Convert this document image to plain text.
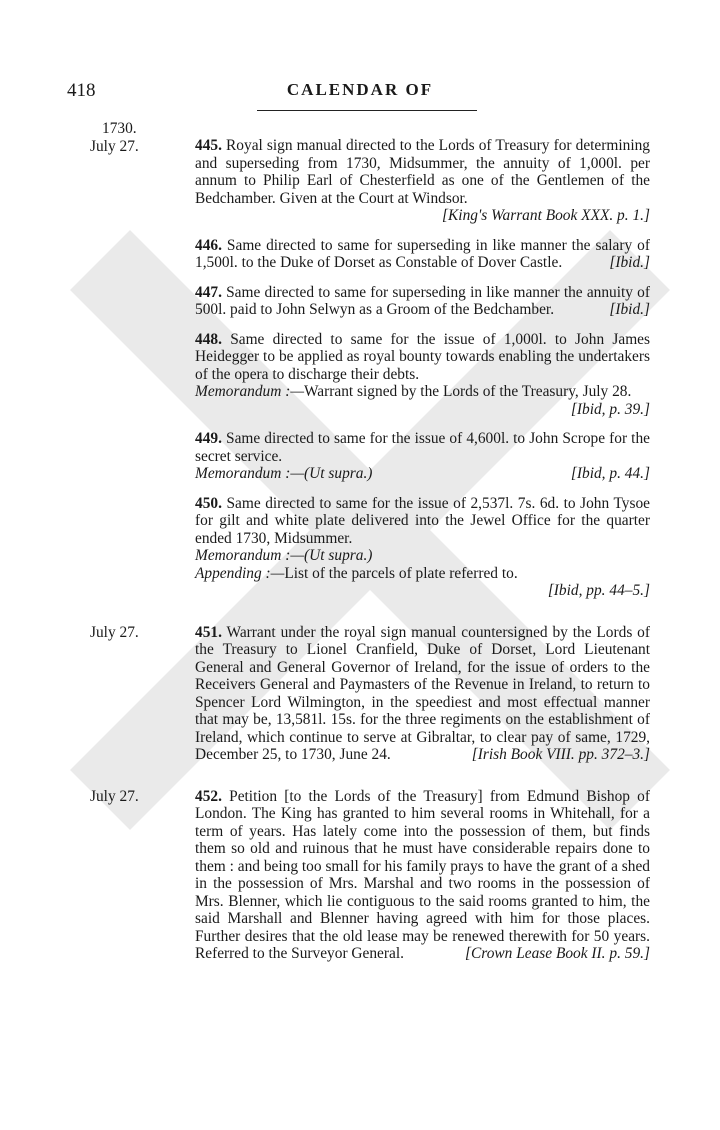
418	CALENDAR OF
1730.
July 27.	445. Royal sign manual directed to the Lords of Treasury for determining and superseding from 1730, Midsummer, the annuity of 1,000l. per annum to Philip Earl of Chesterfield as one of the Gentlemen of the Bedchamber. Given at the Court at Windsor.
[King's Warrant Book XXX. p. 1.]
446. Same directed to same for superseding in like manner the salary of 1,500l. to the Duke of Dorset as Constable of Dover Castle.	[Ibid.]
447. Same directed to same for superseding in like manner the annuity of 500l. paid to John Selwyn as a Groom of the Bedchamber.	[Ibid.]
448. Same directed to same for the issue of 1,000l. to John James Heidegger to be applied as royal bounty towards enabling the undertakers of the opera to discharge their debts.
Memorandum :—Warrant signed by the Lords of the Treasury, July 28.
[Ibid, p. 39.]
449. Same directed to same for the issue of 4,600l. to John Scrope for the secret service.
Memorandum :—(Ut supra.)	[Ibid, p. 44.]
450. Same directed to same for the issue of 2,537l. 7s. 6d. to John Tysoe for gilt and white plate delivered into the Jewel Office for the quarter ended 1730, Midsummer.
Memorandum :—(Ut supra.)
Appending :—List of the parcels of plate referred to.
[Ibid, pp. 44–5.]
July 27.	451. Warrant under the royal sign manual countersigned by the Lords of the Treasury to Lionel Cranfield, Duke of Dorset, Lord Lieutenant General and General Governor of Ireland, for the issue of orders to the Receivers General and Paymasters of the Revenue in Ireland, to return to Spencer Lord Wilmington, in the speediest and most effectual manner that may be, 13,581l. 15s. for the three regiments on the establishment of Ireland, which continue to serve at Gibraltar, to clear pay of same, 1729, December 25, to 1730, June 24.	[Irish Book VIII. pp. 372–3.]
July 27.	452. Petition [to the Lords of the Treasury] from Edmund Bishop of London. The King has granted to him several rooms in Whitehall, for a term of years. Has lately come into the possession of them, but finds them so old and ruinous that he must have considerable repairs done to them : and being too small for his family prays to have the grant of a shed in the possession of Mrs. Marshal and two rooms in the possession of Mrs. Blenner, which lie contiguous to the said rooms granted to him, the said Marshall and Blenner having agreed with him for those places. Further desires that the old lease may be renewed therewith for 50 years. Referred to the Surveyor General.	[Crown Lease Book II. p. 59.]
